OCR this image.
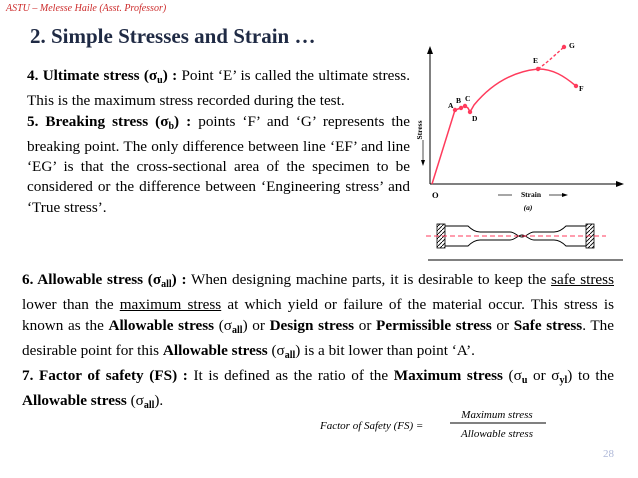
ASTU – Melesse Haile (Asst. Professor)
2. Simple Stresses and Strain …
4. Ultimate stress $(\sigma_u)$ : Point ‘E’ is called the ultimate stress. This is the maximum stress recorded during the test.
5. Breaking stress $(\sigma_b)$ : points ‘F’ and ‘G’ represents the breaking point. The only difference between line ‘EF’ and line ‘EG’ is that the cross-sectional area of the specimen to be considered or the difference between ‘Engineering stress’ and ‘True stress’.
Stress
O	Strain
(a)
A
B C
D
E
F
G
6. Allowable stress $(\sigma_{all})$ : When designing machine parts, it is desirable to keep the safe stress lower than the maximum stress at which yield or failure of the material occur. This stress is known as the Allowable stress $(\sigma_{all})$ or Design stress or Permissible stress or Safe stress. The desirable point for this Allowable stress $(\sigma_{all})$ is a bit lower than point ‘A’.
7. Factor of safety (FS) : It is defined as the ratio of the Maximum stress ($\sigma_u$ or $\sigma_{yl}$) to the Allowable stress $(\sigma_{all})$.
Factor of Safety (FS) =
Maximum stress
Allowable stress
28
